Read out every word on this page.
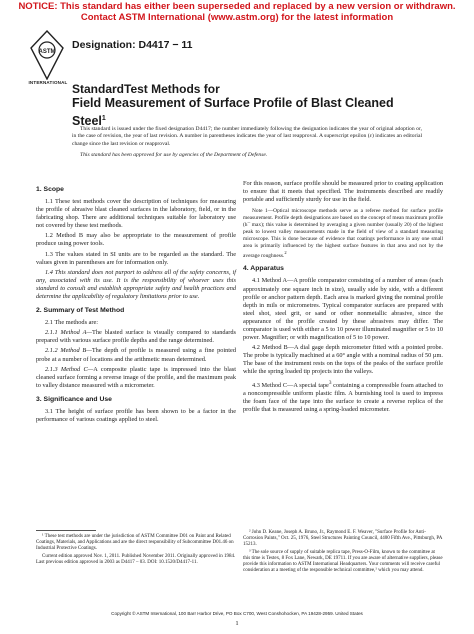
NOTICE: This standard has either been superseded and replaced by a new version or withdrawn.
Contact ASTM International (www.astm.org) for the latest information
ASTM
INTERNATIONAL
Designation: D4417 − 11
StandardTest Methods for
Field Measurement of Surface Profile of Blast Cleaned
Steel$^1$

This standard is issued under the fixed designation D4417; the number immediately following the designation indicates the year of original adoption or, in the case of revision, the year of last revision. A number in parentheses indicates the year of last reapproval. A superscript epsilon (ε) indicates an editorial change since the last revision or reapproval.

This standard has been approved for use by agencies of the Department of Defense.

1. Scope

1.1 These test methods cover the description of techniques for measuring the profile of abrasive blast cleaned surfaces in the laboratory, field, or in the fabricating shop. There are additional techniques suitable for laboratory use not covered by these test methods.

1.2 Method B may also be appropriate to the measurement of profile produce using power tools.

1.3 The values stated in SI units are to be regarded as the standard. The values given in parentheses are for information only.

1.4 This standard does not purport to address all of the safety concerns, if any, associated with its use. It is the responsibility of whoever uses this standard to consult and establish appropriate safety and health practices and determine the applicability of regulatory limitations prior to use.

2. Summary of Test Method

2.1 The methods are:

2.1.1 Method A—The blasted surface is visually compared to standards prepared with various surface profile depths and the range determined.

2.1.2 Method B—The depth of profile is measured using a fine pointed probe at a number of locations and the arithmetic mean determined.

2.1.3 Method C—A composite plastic tape is impressed into the blast cleaned surface forming a reverse image of the profile, and the maximum peak to valley distance measured with a micrometer.

3. Significance and Use

3.1 The height of surface profile has been shown to be a factor in the performance of various coatings applied to steel.

For this reason, surface profile should be measured prior to coating application to ensure that it meets that specified. The instruments described are readily portable and sufficiently sturdy for use in the field.

Note 1—Optical microscope methods serve as a referee method for surface profile measurement. Profile depth designations are based on the concept of mean maximum profile (h¯ max); this value is determined by averaging a given number (usually 20) of the highest peak to lowest valley measurements made in the field of view of a standard measuring microscope. This is done because of evidence that coatings performance in any one small area is primarily influenced by the highest surface features in that area and not by the average roughness.$^2$

4. Apparatus

4.1 Method A—A profile comparator consisting of a number of areas (each approximately one square inch in size), usually side by side, with a different profile or anchor pattern depth. Each area is marked giving the nominal profile depth in mils or micrometres. Typical comparator surfaces are prepared with steel shot, steel grit, or sand or other nonmetallic abrasive, since the appearance of the profile created by these abrasives may differ. The comparator is used with either a 5 to 10 power illuminated magnifier or 5 to 10 power. Magnifier; or with magnification of 5 to 10 power.

4.2 Method B—A dial gage depth micrometer fitted with a pointed probe. The probe is typically machined at a 60° angle with a nominal radius of 50 µm. The base of the instrument rests on the tops of the peaks of the surface profile while the spring loaded tip projects into the valleys.

4.3 Method C—A special tape$^3$ containing a compressible foam attached to a noncompressible uniform plastic film. A burnishing tool is used to impress the foam face of the tape into the surface to create a reverse replica of the profile that is measured using a spring-loaded micrometer.

¹ These test methods are under the jurisdiction of ASTM Committee D01 on Paint and Related Coatings, Materials, and Applications and are the direct responsibility of Subcommittee D01.46 on Industrial Protective Coatings.

Current edition approved Nov. 1, 2011. Published November 2011. Originally approved in 1984. Last previous edition approved in 2003 as D4417 – 03. DOI: 10.1520/D4417-11.

² John D. Keane, Joseph A. Bruno, Jr., Raymond E. F. Weaver, "Surface Profile for Anti-Corrosion Paints," Oct. 25, 1976, Steel Structures Painting Council, 4400 Fifth Ave., Pittsburgh, PA 15213.

³ The sole source of supply of suitable replica tape, Press-O-Film, known to the committee at this time is Testex, 8 Fox Lane, Newark, DE 19711. If you are aware of alternative suppliers, please provide this information to ASTM International Headquarters. Your comments will receive careful consideration at a meeting of the responsible technical committee,¹ which you may attend.

Copyright © ASTM International, 100 Barr Harbor Drive, PO Box C700, West Conshohocken, PA 19428-2959. United States
1
